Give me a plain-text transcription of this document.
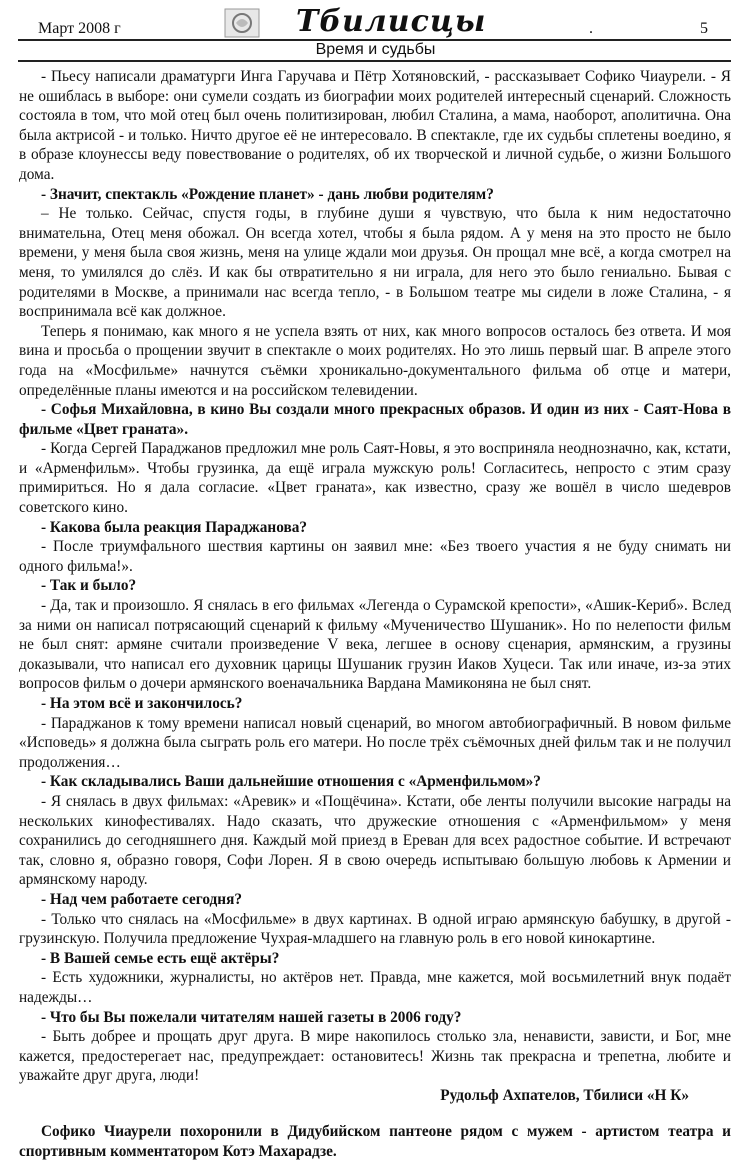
Март 2008 г	Тбилисцы	.	5
Время и судьбы

- Пьесу написали драматурги Инга Гаручава и Пётр Хотяновский, - рассказывает Софико Чиаурели. - Я не ошиблась в выборе: они сумели создать из биографии моих родителей интересный сценарий. Сложность состояла в том, что мой отец был очень политизирован, любил Сталина, а мама, наоборот, аполитична. Она была актрисой - и только. Ничто другое её не интересовало. В спектакле, где их судьбы сплетены воедино, я в образе клоунессы веду повествование о родителях, об их творческой и личной судьбе, о жизни Большого дома.

- Значит, спектакль «Рождение планет» - дань любви родителям?

– Не только. Сейчас, спустя годы, в глубине души я чувствую, что была к ним недостаточно внимательна, Отец меня обожал. Он всегда хотел, чтобы я была рядом. А у меня на это просто не было времени, у меня была своя жизнь, меня на улице ждали мои друзья. Он прощал мне всё, а когда смотрел на меня, то умилялся до слёз. И как бы отвратительно я ни играла, для него это было гениально. Бывая с родителями в Москве, а принимали нас всегда тепло, - в Большом театре мы сидели в ложе Сталина, - я воспринимала всё как должное.

Теперь я понимаю, как много я не успела взять от них, как много вопросов осталось без ответа. И моя вина и просьба о прощении звучит в спектакле о моих родителях. Но это лишь первый шаг. В апреле этого года на «Мосфильме» начнутся съёмки хроникально-документального фильма об отце и матери, определённые планы имеются и на российском телевидении.

- Софья Михайловна, в кино Вы создали много прекрасных образов. И один из них - Саят-Нова в фильме «Цвет граната».

- Когда Сергей Параджанов предложил мне роль Саят-Новы, я это восприняла неоднозначно, как, кстати, и «Арменфильм». Чтобы грузинка, да ещё играла мужскую роль! Согласитесь, непросто с этим сразу примириться. Но я дала согласие. «Цвет граната», как известно, сразу же вошёл в число шедевров советского кино.

- Какова была реакция Параджанова?

- После триумфального шествия картины он заявил мне: «Без твоего участия я не буду снимать ни одного фильма!».

- Так и было?

- Да, так и произошло. Я снялась в его фильмах «Легенда о Сурамской крепости», «Ашик-Кериб». Вслед за ними он написал потрясающий сценарий к фильму «Мученичество Шушаник». Но по нелепости фильм не был снят: армяне считали произведение V века, легшее в основу сценария, армянским, а грузины доказывали, что написал его духовник царицы Шушаник грузин Иаков Хуцеси. Так или иначе, из-за этих вопросов фильм о дочери армянского военачальника Вардана Мамиконяна не был снят.

- На этом всё и закончилось?

- Параджанов к тому времени написал новый сценарий, во многом автобиографичный. В новом фильме «Исповедь» я должна была сыграть роль его матери. Но после трёх съёмочных дней фильм так и не получил продолжения…

- Как складывались Ваши дальнейшие отношения с «Арменфильмом»?

- Я снялась в двух фильмах: «Аревик» и «Пощёчина». Кстати, обе ленты получили высокие награды на нескольких кинофестивалях. Надо сказать, что дружеские отношения с «Арменфильмом» у меня сохранились до сегодняшнего дня. Каждый мой приезд в Ереван для всех радостное событие. И встречают так, словно я, образно говоря, Софи Лорен. Я в свою очередь испытываю большую любовь к Армении и армянскому народу.

- Над чем работаете сегодня?

- Только что снялась на «Мосфильме» в двух картинах. В одной играю армянскую бабушку, в другой - грузинскую. Получила предложение Чухрая-младшего на главную роль в его новой кинокартине.

- В Вашей семье есть ещё актёры?

- Есть художники, журналисты, но актёров нет. Правда, мне кажется, мой восьмилетний внук подаёт надежды…

- Что бы Вы пожелали читателям нашей газеты в 2006 году?

- Быть добрее и прощать друг друга. В мире накопилось столько зла, ненависти, зависти, и Бог, мне кажется, предостерегает нас, предупреждает: остановитесь! Жизнь так прекрасна и трепетна, любите и уважайте друг друга, люди!

Рудольф Ахпателов, Тбилиси «Н К»

Софико Чиаурели похоронили в Дидубийском пантеоне рядом с мужем - артистом театра и спортивным комментатором Котэ Махарадзе.
